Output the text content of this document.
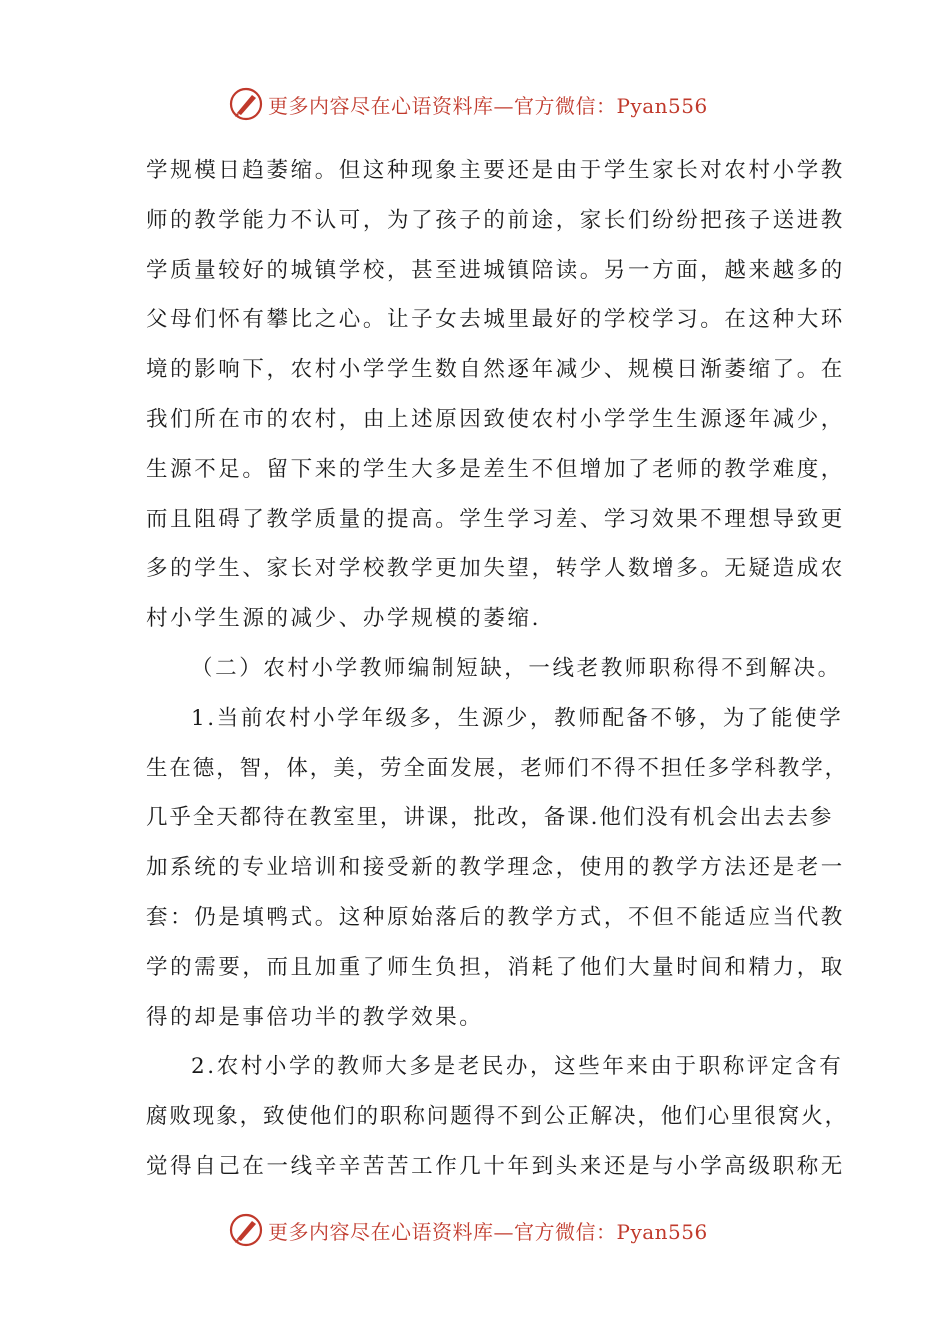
更多内容尽在心语资料库—官方微信：Pyan556
学规模日趋萎缩。但这种现象主要还是由于学生家长对农村小学教
师的教学能力不认可，为了孩子的前途，家长们纷纷把孩子送进教
学质量较好的城镇学校，甚至进城镇陪读。另一方面，越来越多的
父母们怀有攀比之心。让子女去城里最好的学校学习。在这种大环
境的影响下，农村小学学生数自然逐年减少、规模日渐萎缩了。在
我们所在市的农村，由上述原因致使农村小学学生生源逐年减少，
生源不足。留下来的学生大多是差生不但增加了老师的教学难度，
而且阻碍了教学质量的提高。学生学习差、学习效果不理想导致更
多的学生、家长对学校教学更加失望，转学人数增多。无疑造成农
村小学生源的减少、办学规模的萎缩.
（二）农村小学教师编制短缺，一线老教师职称得不到解决。
1.当前农村小学年级多，生源少，教师配备不够，为了能使学
生在德，智，体，美，劳全面发展，老师们不得不担任多学科教学，
几乎全天都待在教室里，讲课，批改，备课.他们没有机会出去去参
加系统的专业培训和接受新的教学理念，使用的教学方法还是老一
套：仍是填鸭式。这种原始落后的教学方式，不但不能适应当代教
学的需要，而且加重了师生负担，消耗了他们大量时间和精力，取
得的却是事倍功半的教学效果。
2.农村小学的教师大多是老民办，这些年来由于职称评定含有
腐败现象，致使他们的职称问题得不到公正解决，他们心里很窝火，
觉得自己在一线辛辛苦苦工作几十年到头来还是与小学高级职称无
更多内容尽在心语资料库—官方微信：Pyan556
